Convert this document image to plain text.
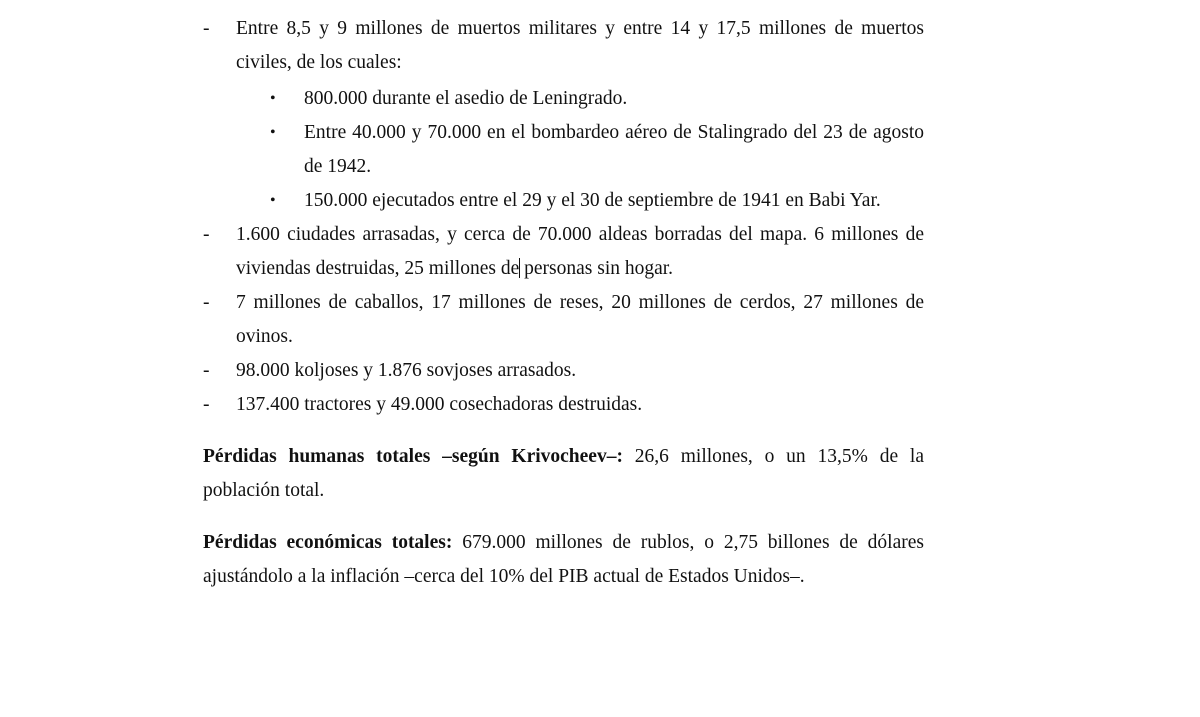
-	Entre 8,5 y 9 millones de muertos militares y entre 14 y 17,5 millones de muertos civiles, de los cuales:
•	800.000 durante el asedio de Leningrado.
•	Entre 40.000 y 70.000 en el bombardeo aéreo de Stalingrado del 23 de agosto de 1942.
•	150.000 ejecutados entre el 29 y el 30 de septiembre de 1941 en Babi Yar.
-	1.600 ciudades arrasadas, y cerca de 70.000 aldeas borradas del mapa. 6 millones de viviendas destruidas, 25 millones de personas sin hogar.
-	7 millones de caballos, 17 millones de reses, 20 millones de cerdos, 27 millones de ovinos.
-	98.000 koljoses y 1.876 sovjoses arrasados.
-	137.400 tractores y 49.000 cosechadoras destruidas.

Pérdidas humanas totales –según Krivocheev–: 26,6 millones, o un 13,5% de la población total.

Pérdidas económicas totales: 679.000 millones de rublos, o 2,75 billones de dólares ajustándolo a la inflación –cerca del 10% del PIB actual de Estados Unidos–.
